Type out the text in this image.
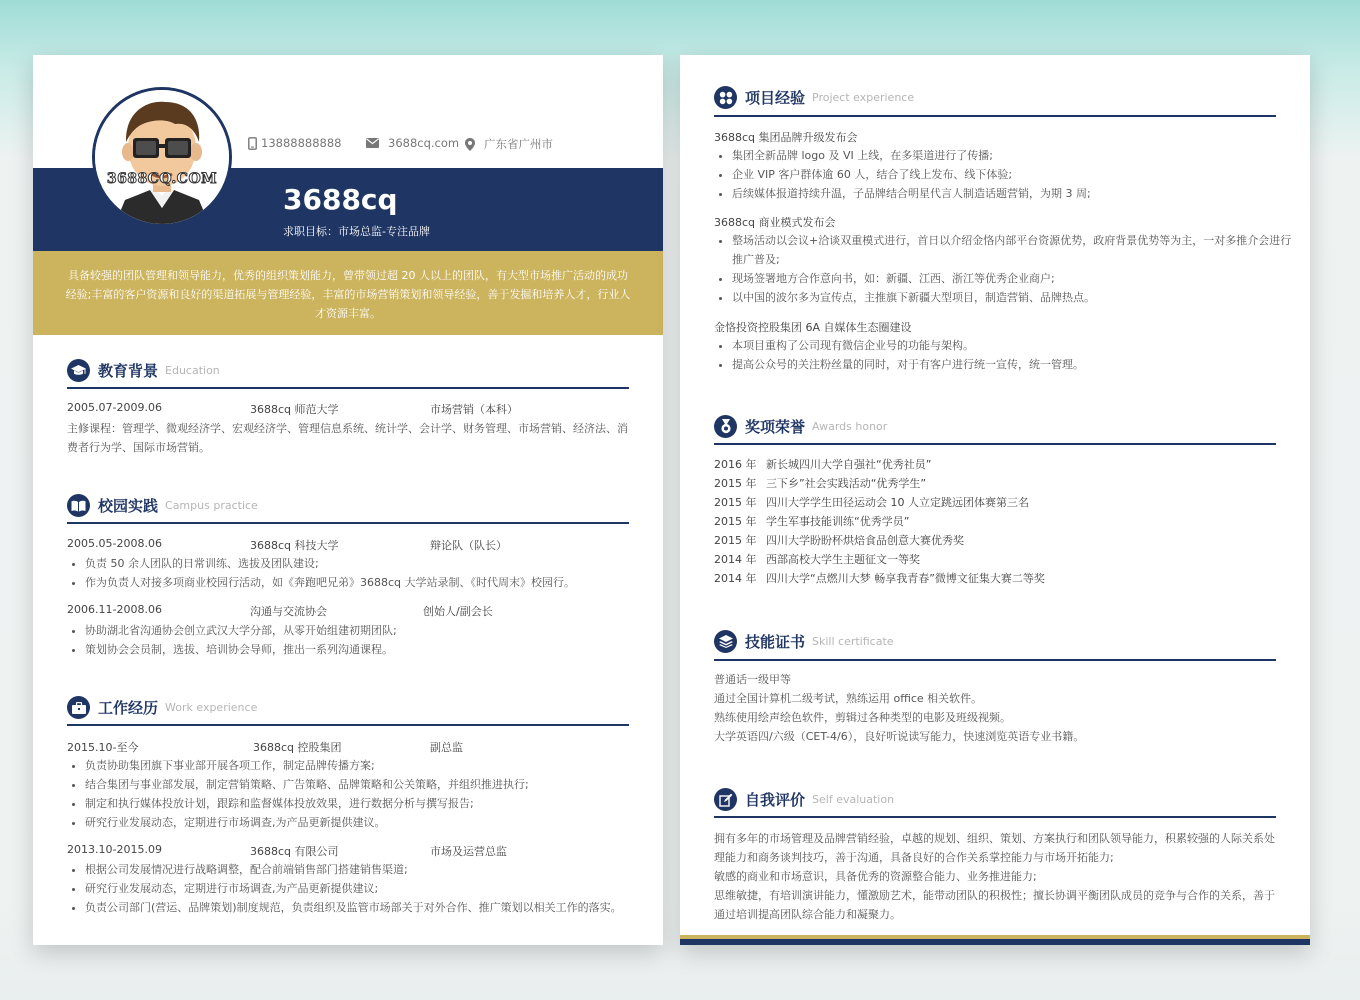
3688CQ.COM
13888888888	3688cq.com 广东省广州市
3688cq
求职目标：市场总监-专注品牌
具备较强的团队管理和领导能力，优秀的组织策划能力，曾带领过超 20 人以上的团队，有大型市场推广活动的成功经验;丰富的客户资源和良好的渠道拓展与管理经验，丰富的市场营销策划和领导经验，善于发掘和培养人才，行业人才资源丰富。
教育背景 Education
2005.07-2009.06	3688cq 师范大学	市场营销（本科）
主修课程：管理学、微观经济学、宏观经济学、管理信息系统、统计学、会计学、财务管理、市场营销、经济法、消费者行为学、国际市场营销。
校园实践 Campus practice
2005.05-2008.06	3688cq 科技大学	辩论队（队长）
• 负责 50 余人团队的日常训练、选拔及团队建设;
• 作为负责人对接多项商业校园行活动，如《奔跑吧兄弟》3688cq 大学站录制、《时代周末》校园行。
2006.11-2008.06	沟通与交流协会	创始人/副会长
• 协助湖北省沟通协会创立武汉大学分部，从零开始组建初期团队;
• 策划协会会员制，选拔、培训协会导师，推出一系列沟通课程。
工作经历 Work experience
2015.10-至今	3688cq 控股集团	副总监
• 负责协助集团旗下事业部开展各项工作，制定品牌传播方案;
• 结合集团与事业部发展，制定营销策略、广告策略、品牌策略和公关策略，并组织推进执行;
• 制定和执行媒体投放计划，跟踪和监督媒体投放效果，进行数据分析与撰写报告;
• 研究行业发展动态，定期进行市场调查,为产品更新提供建议。
2013.10-2015.09	3688cq 有限公司	市场及运营总监
• 根据公司发展情况进行战略调整，配合前端销售部门搭建销售渠道;
• 研究行业发展动态，定期进行市场调查,为产品更新提供建议;
• 负责公司部门(营运、品牌策划)制度规范，负责组织及监管市场部关于对外合作、推广策划以相关工作的落实。
项目经验 Project experience
3688cq 集团品牌升级发布会
• 集团全新品牌 logo 及 VI 上线，在多渠道进行了传播;
• 企业 VIP 客户群体逾 60 人，结合了线上发布、线下体验;
• 后续媒体报道持续升温，子品牌结合明星代言人制造话题营销，为期 3 周;
3688cq 商业模式发布会
• 整场活动以会议+洽谈双重模式进行，首日以介绍金恪内部平台资源优势，政府背景优势等为主，一对多推介会进行推广普及;
• 现场签署地方合作意向书，如：新疆、江西、浙江等优秀企业商户;
• 以中国的波尔多为宣传点，主推旗下新疆大型项目，制造营销、品牌热点。
金恪投资控股集团 6A 自媒体生态圈建设
• 本项目重构了公司现有微信企业号的功能与架构。
• 提高公众号的关注粉丝量的同时，对于有客户进行统一宣传，统一管理。
奖项荣誉 Awards honor
2016 年 新长城四川大学自强社“优秀社员”
2015 年 三下乡”社会实践活动“优秀学生”
2015 年 四川大学学生田径运动会 10 人立定跳远团体赛第三名
2015 年 学生军事技能训练“优秀学员”
2015 年 四川大学盼盼杯烘焙食品创意大赛优秀奖
2014 年 西部高校大学生主题征文一等奖
2014 年 四川大学“点燃川大梦 畅享我青春”微博文征集大赛二等奖
技能证书 Skill certificate
普通话一级甲等
通过全国计算机二级考试，熟练运用 office 相关软件。
熟练使用绘声绘色软件，剪辑过各种类型的电影及班级视频。
大学英语四/六级（CET-4/6），良好听说读写能力，快速浏览英语专业书籍。
自我评价 Self evaluation
拥有多年的市场管理及品牌营销经验，卓越的规划、组织、策划、方案执行和团队领导能力，积累较强的人际关系处理能力和商务谈判技巧，善于沟通，具备良好的合作关系掌控能力与市场开拓能力;
敏感的商业和市场意识，具备优秀的资源整合能力、业务推进能力;
思维敏捷，有培训演讲能力，懂激励艺术，能带动团队的积极性；擅长协调平衡团队成员的竞争与合作的关系，善于通过培训提高团队综合能力和凝聚力。
